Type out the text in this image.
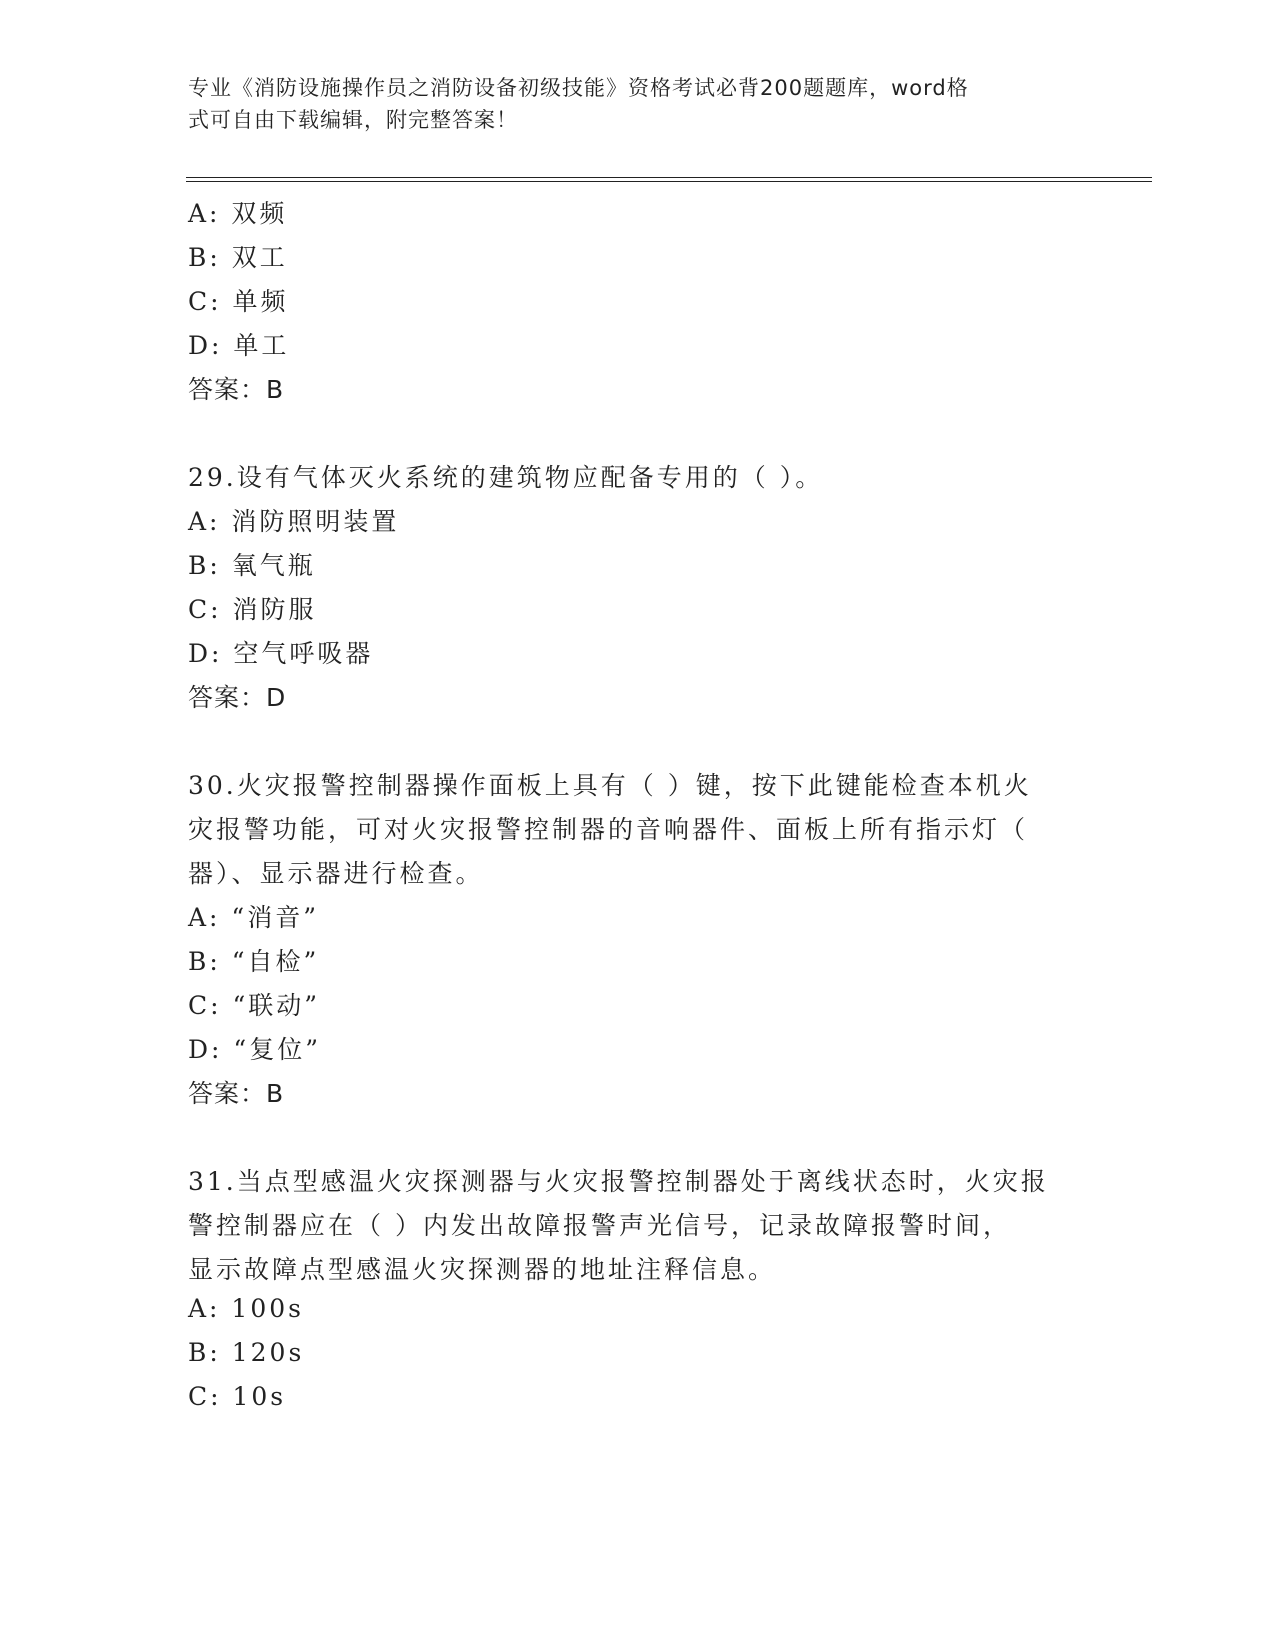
专业《消防设施操作员之消防设备初级技能》资格考试必背200题题库，word格
式可自由下载编辑，附完整答案！
A: 双频
B: 双工
C: 单频
D: 单工
答案：B
29.设有气体灭火系统的建筑物应配备专用的（ ）。
A: 消防照明装置
B: 氧气瓶
C: 消防服
D: 空气呼吸器
答案：D
30.火灾报警控制器操作面板上具有（ ）键，按下此键能检查本机火
灾报警功能，可对火灾报警控制器的音响器件、面板上所有指示灯（
器）、显示器进行检查。
A: “消音”
B: “自检”
C: “联动”
D: “复位”
答案：B
31.当点型感温火灾探测器与火灾报警控制器处于离线状态时，火灾报
警控制器应在（ ）内发出故障报警声光信号，记录故障报警时间，
显示故障点型感温火灾探测器的地址注释信息。
A: 100s
B: 120s
C: 10s
